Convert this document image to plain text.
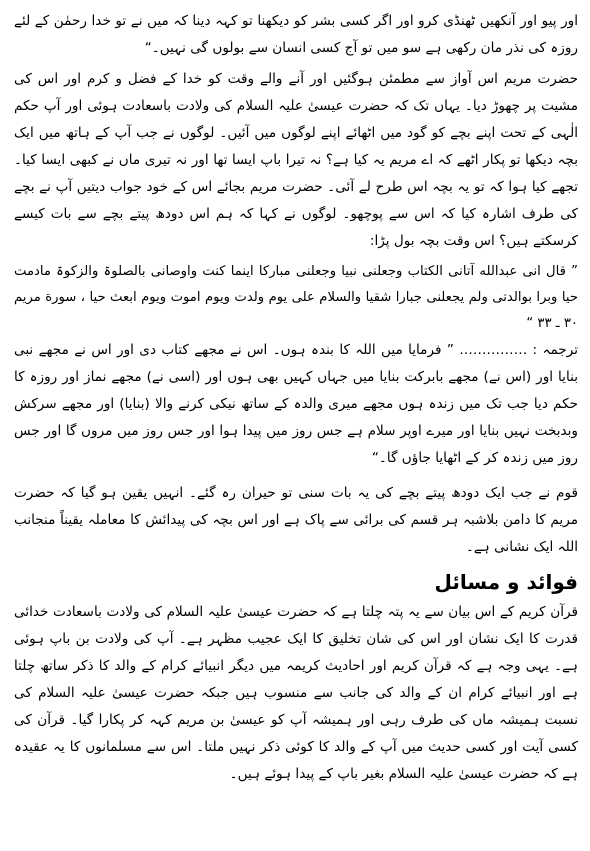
اور پیو اور آنکھیں ٹھنڈی کرو اور اگر کسی بشر کو دیکھنا تو کہہ دینا کہ میں نے تو خدا رحمٰن کے لئے روزہ کی نذر مان رکھی ہے سو میں تو آج کسی انسان سے بولوں گی نہیں۔“

حضرت مریم اس آواز سے مطمئن ہوگئیں اور آنے والے وقت کو خدا کے فضل و کرم اور اس کی مشیت پر چھوڑ دیا۔ یہاں تک کہ حضرت عیسیٰ علیہ السلام کی ولادت باسعادت ہوئی اور آپ حکم الٰہی کے تحت اپنے بچے کو گود میں اٹھائے اپنے لوگوں میں آئیں۔ لوگوں نے جب آپ کے ہاتھ میں ایک بچہ دیکھا تو پکار اٹھے کہ اے مریم یہ کیا ہے؟ نہ تیرا باپ ایسا تھا اور نہ تیری ماں نے کبھی ایسا کیا۔ تجھے کیا ہوا کہ تو یہ بچہ اس طرح لے آئی۔ حضرت مریم بجائے اس کے خود جواب دیتیں آپ نے بچے کی طرف اشارہ کیا کہ اس سے پوچھو۔ لوگوں نے کہا کہ ہم اس دودھ پیتے بچے سے بات کیسے کرسکتے ہیں؟ اس وقت بچہ بول پڑا:

” قال انی عبدالله آتانی الکتاب وجعلنی نبیا وجعلنی مبارکا اینما کنت واوصانی بالصلوۃ والزکوۃ مادمت حیا وبرا بوالدتی ولم یجعلنی جبارا شقیا والسلام علی یوم ولدت ویوم اموت ویوم ابعث حیا ، سورة مریم ۳۰ ـ ۳۳ “

ترجمہ : …………… ” فرمایا میں اللہ کا بندہ ہوں۔ اس نے مجھے کتاب دی اور اس نے مجھے نبی بنایا اور (اس نے) مجھے بابرکت بنایا میں جہاں کہیں بھی ہوں اور (اسی نے) مجھے نماز اور روزہ کا حکم دیا جب تک میں زندہ ہوں مجھے میری والدہ کے ساتھ نیکی کرنے والا (بنایا) اور مجھے سرکش وبدبخت نہیں بنایا اور میرے اوپر سلام ہے جس روز میں پیدا ہوا اور جس روز میں مروں گا اور جس روز میں زندہ کر کے اٹھایا جاؤں گا۔“

قوم نے جب ایک دودھ پیتے بچے کی یہ بات سنی تو حیران رہ گئے۔ انہیں یقین ہو گیا کہ حضرت مریم کا دامن بلاشبہ ہر قسم کی برائی سے پاک ہے اور اس بچہ کی پیدائش کا معاملہ یقیناً منجانب اللہ ایک نشانی ہے۔

فوائد و مسائل

قرآن کریم کے اس بیان سے یہ پتہ چلتا ہے کہ حضرت عیسیٰ علیہ السلام کی ولادت باسعادت خدائی قدرت کا ایک نشان اور اس کی شان تخلیق کا ایک عجیب مظہر ہے۔ آپ کی ولادت بن باپ ہوئی ہے۔ یہی وجہ ہے کہ قرآن کریم اور احادیث کریمہ میں دیگر انبیائے کرام کے والد کا ذکر ساتھ چلتا ہے اور انبیائے کرام ان کے والد کی جانب سے منسوب ہیں جبکہ حضرت عیسیٰ علیہ السلام کی نسبت ہمیشہ ماں کی طرف رہی اور ہمیشہ آپ کو عیسیٰ بن مریم کہہ کر پکارا گیا۔ قرآن کی کسی آیت اور کسی حدیث میں آپ کے والد کا کوئی ذکر نہیں ملتا۔ اس سے مسلمانوں کا یہ عقیدہ ہے کہ حضرت عیسیٰ علیہ السلام بغیر باپ کے پیدا ہوئے ہیں۔
